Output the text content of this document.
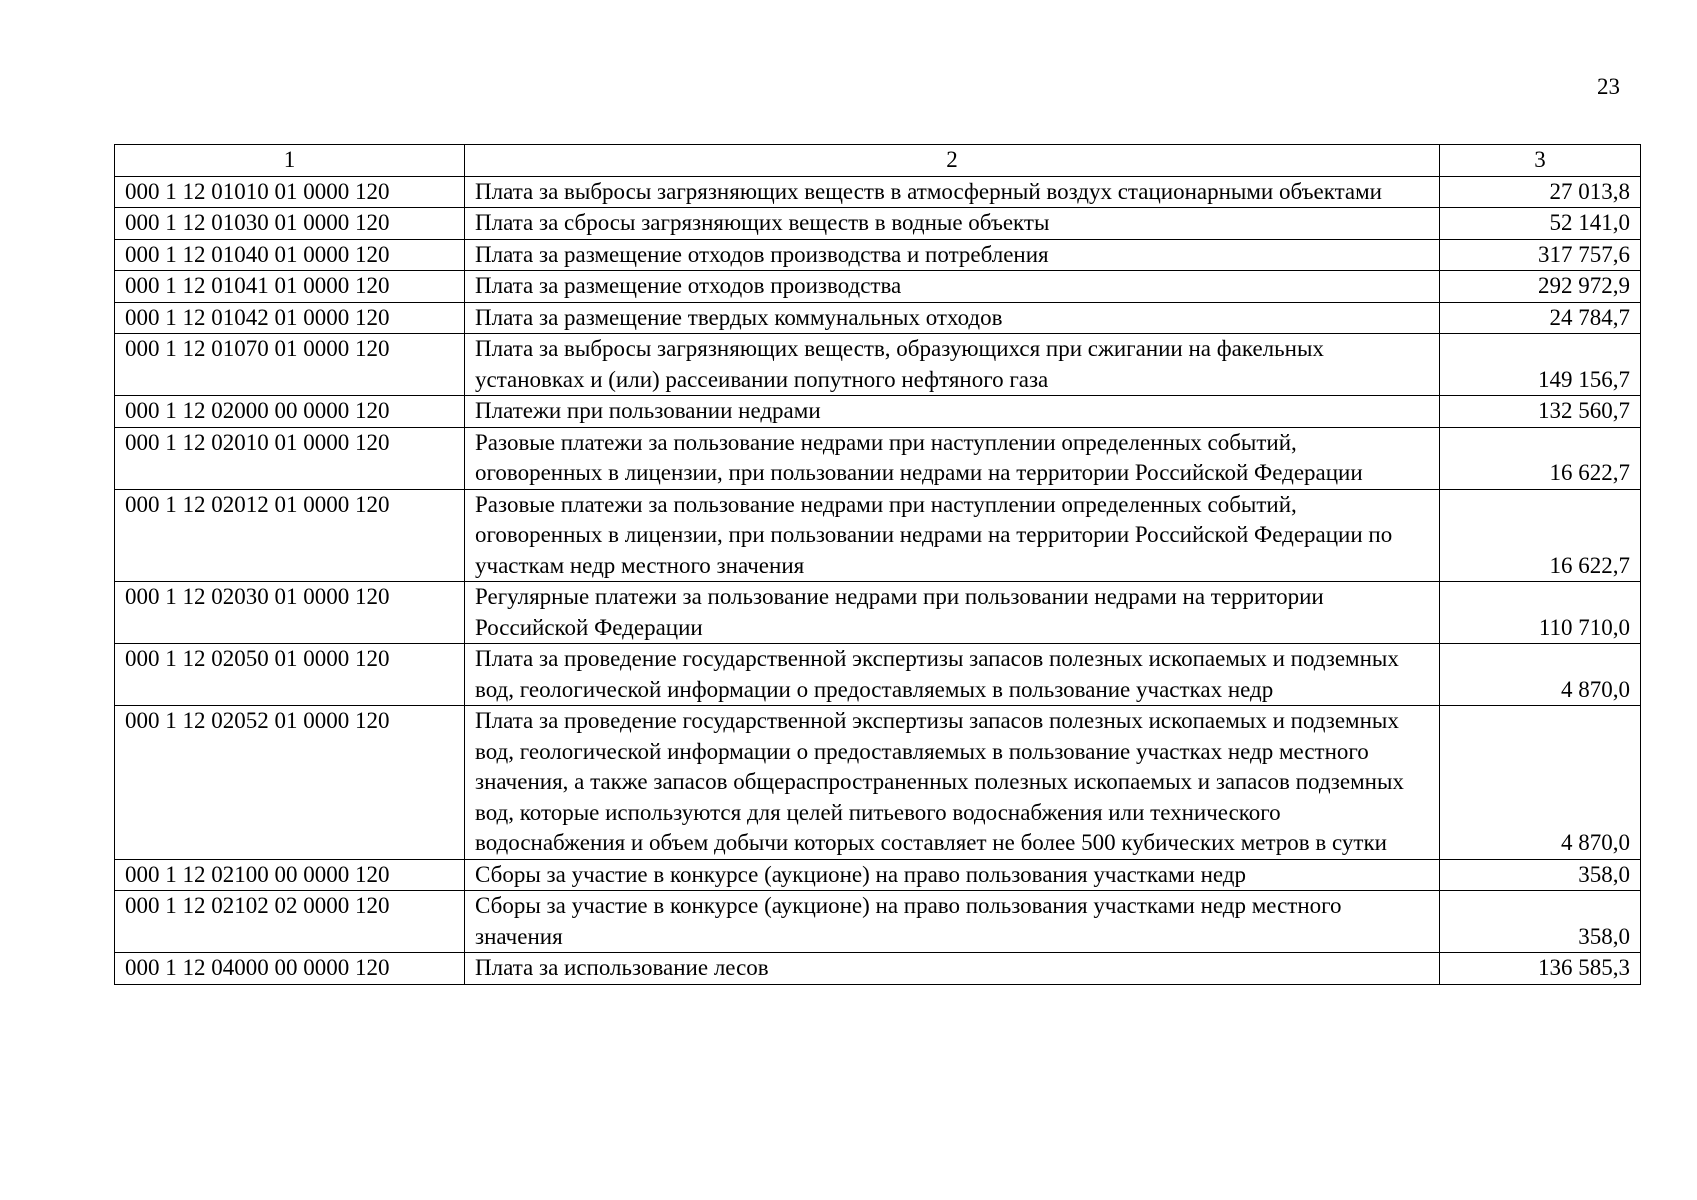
23
1	2	3
000 1 12 01010 01 0000 120	Плата за выбросы загрязняющих веществ в атмосферный воздух стационарными объектами	27 013,8
000 1 12 01030 01 0000 120	Плата за сбросы загрязняющих веществ в водные объекты	52 141,0
000 1 12 01040 01 0000 120	Плата за размещение отходов производства и потребления	317 757,6
000 1 12 01041 01 0000 120	Плата за размещение отходов производства	292 972,9
000 1 12 01042 01 0000 120	Плата за размещение твердых коммунальных отходов	24 784,7
000 1 12 01070 01 0000 120	Плата за выбросы загрязняющих веществ, образующихся при сжигании на факельных установках и (или) рассеивании попутного нефтяного газа	149 156,7
000 1 12 02000 00 0000 120	Платежи при пользовании недрами	132 560,7
000 1 12 02010 01 0000 120	Разовые платежи за пользование недрами при наступлении определенных событий, оговоренных в лицензии, при пользовании недрами на территории Российской Федерации	16 622,7
000 1 12 02012 01 0000 120	Разовые платежи за пользование недрами при наступлении определенных событий, оговоренных в лицензии, при пользовании недрами на территории Российской Федерации по участкам недр местного значения	16 622,7
000 1 12 02030 01 0000 120	Регулярные платежи за пользование недрами при пользовании недрами на территории Российской Федерации	110 710,0
000 1 12 02050 01 0000 120	Плата за проведение государственной экспертизы запасов полезных ископаемых и подземных вод, геологической информации о предоставляемых в пользование участках недр	4 870,0
000 1 12 02052 01 0000 120	Плата за проведение государственной экспертизы запасов полезных ископаемых и подземных вод, геологической информации о предоставляемых в пользование участках недр местного значения, а также запасов общераспространенных полезных ископаемых и запасов подземных вод, которые используются для целей питьевого водоснабжения или технического водоснабжения и объем добычи которых составляет не более 500 кубических метров в сутки	4 870,0
000 1 12 02100 00 0000 120	Сборы за участие в конкурсе (аукционе) на право пользования участками недр	358,0
000 1 12 02102 02 0000 120	Сборы за участие в конкурсе (аукционе) на право пользования участками недр местного значения	358,0
000 1 12 04000 00 0000 120	Плата за использование лесов	136 585,3
